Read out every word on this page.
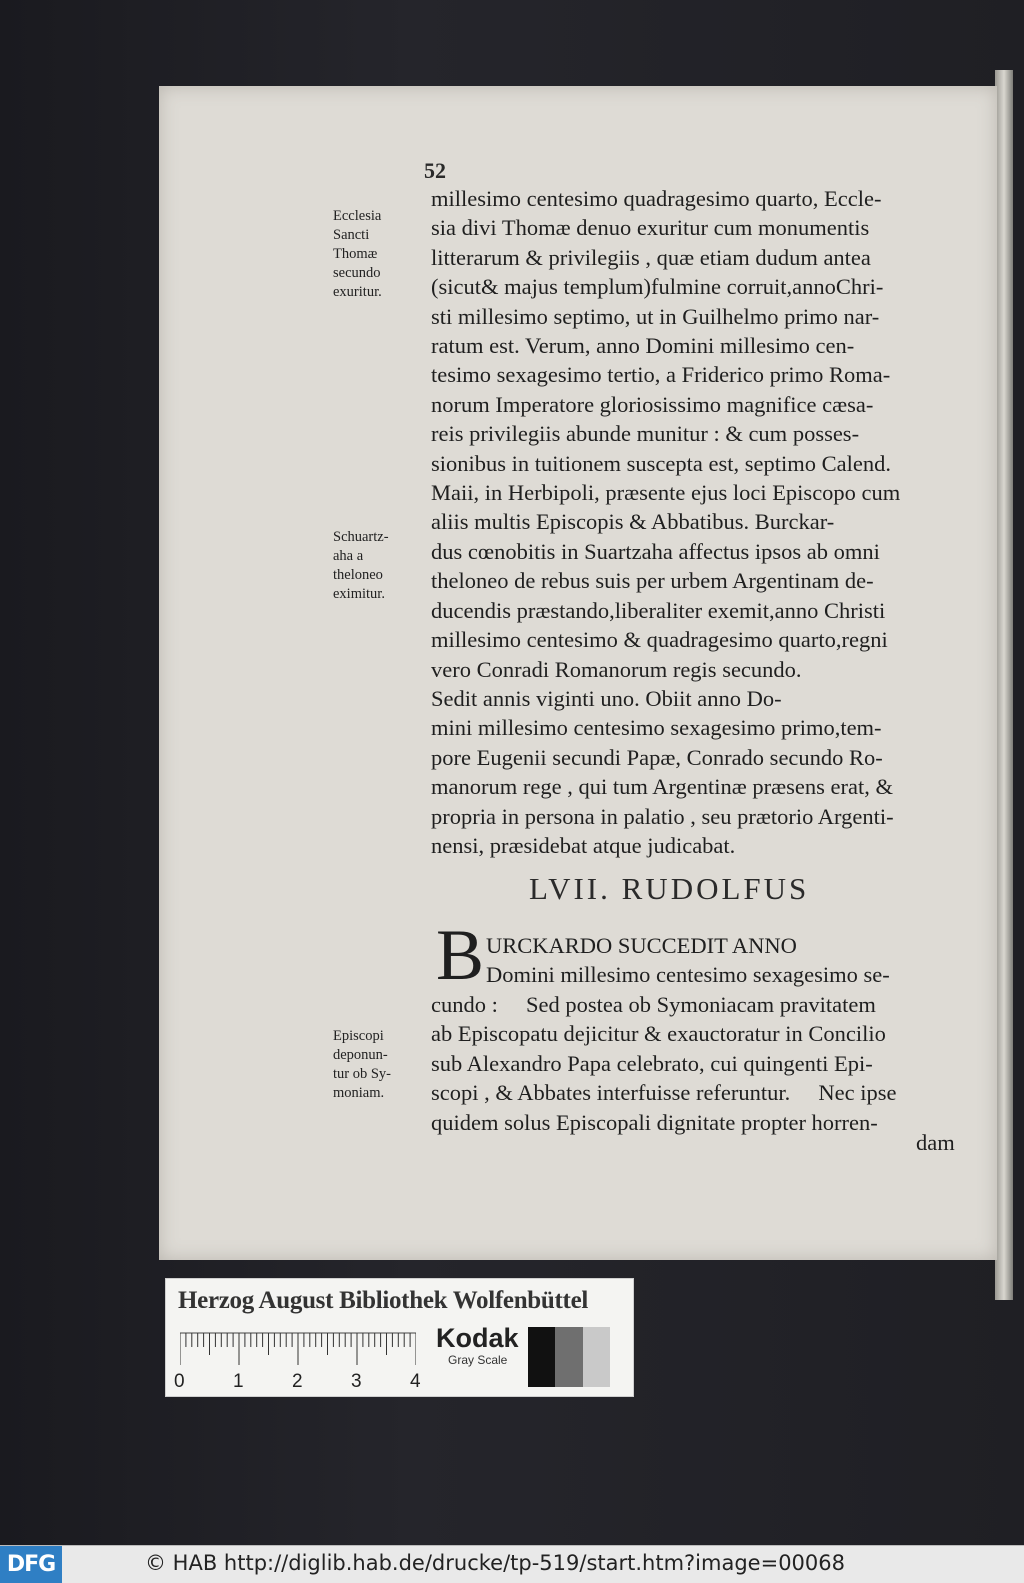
52
Ecclesia
Sancti
Thomæ
secundo
exuritur.
Schuartz-
aha a
theloneo
eximitur.
Episcopi
deponun-
tur ob Sy-
moniam.
millesimo centesimo quadragesimo quarto, Eccle-
sia divi Thomæ denuo exuritur cum monumentis
litterarum & privilegiis , quæ etiam dudum antea
(sicut& majus templum)fulmine corruit,annoChri-
sti millesimo septimo, ut in Guilhelmo primo nar-
ratum est. Verum, anno Domini millesimo cen-
tesimo sexagesimo tertio, a Friderico primo Roma-
norum Imperatore gloriosissimo magnifice cæsa-
reis privilegiis abunde munitur : & cum posses-
sionibus in tuitionem suscepta est, septimo Calend.
Maii, in Herbipoli, præsente ejus loci Episcopo cum
aliis multis Episcopis & Abbatibus. Burckar-
dus cœnobitis in Suartzaha affectus ipsos ab omni
theloneo de rebus suis per urbem Argentinam de-
ducendis præstando,liberaliter exemit,anno Christi
millesimo centesimo & quadragesimo quarto,regni
vero Conradi Romanorum regis secundo.
Sedit annis viginti uno. Obiit anno Do-
mini millesimo centesimo sexagesimo primo,tem-
pore Eugenii secundi Papæ, Conrado secundo Ro-
manorum rege , qui tum Argentinæ præsens erat, &
propria in persona in palatio , seu prætorio Argenti-
nensi, præsidebat atque judicabat.
LVII. RUDOLFUS
B URCKARDO SUCCEDIT ANNO
Domini millesimo centesimo sexagesimo se-
cundo :     Sed postea ob Symoniacam pravitatem
ab Episcopatu dejicitur & exauctoratur in Concilio
sub Alexandro Papa celebrato, cui quingenti Epi-
scopi , & Abbates interfuisse referuntur.     Nec ipse
quidem solus Episcopali dignitate propter horren-
dam
Herzog August Bibliothek Wolfenbüttel
0	1	2	3	4
Kodak
Gray Scale
DFG	© HAB http://diglib.hab.de/drucke/tp-519/start.htm?image=00068
